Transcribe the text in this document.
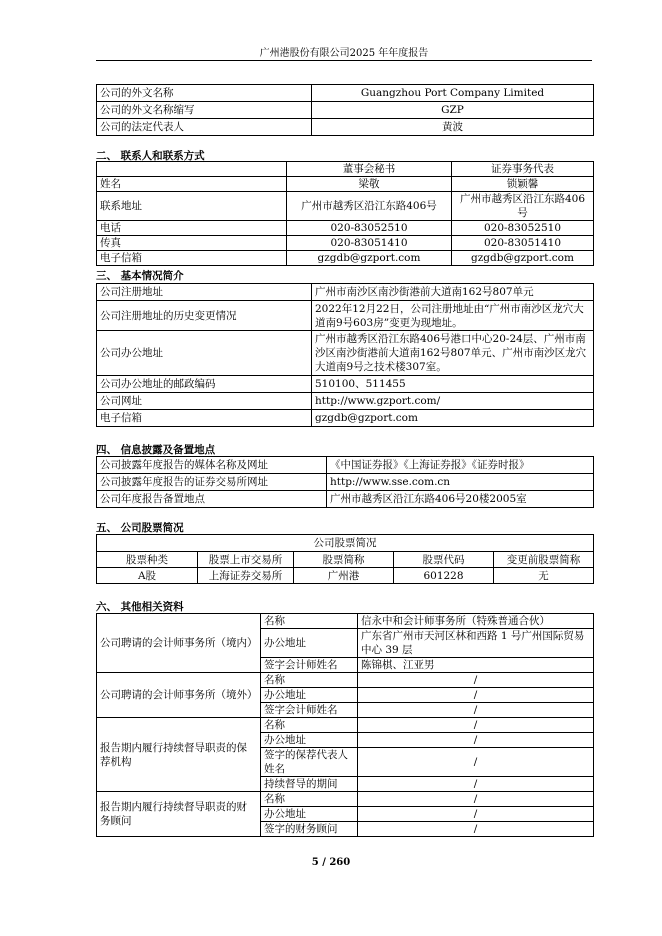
广州港股份有限公司2025 年年度报告
公司的外文名称	Guangzhou Port Company Limited
公司的外文名称缩写	GZP
公司的法定代表人	黄波
二、 联系人和联系方式
	董事会秘书	证券事务代表
姓名	梁敬	锁颖馨
联系地址	广州市越秀区沿江东路406号	广州市越秀区沿江东路406号
电话	020-83052510	020-83052510
传真	020-83051410	020-83051410
电子信箱	gzgdb@gzport.com	gzgdb@gzport.com
三、 基本情况简介
公司注册地址	广州市南沙区南沙街港前大道南162号807单元
公司注册地址的历史变更情况	2022年12月22日，公司注册地址由“广州市南沙区龙穴大道南9号603房”变更为现地址。
公司办公地址	广州市越秀区沿江东路406号港口中心20-24层、广州市南沙区南沙街港前大道南162号807单元、广州市南沙区龙穴大道南9号之技术楼307室。
公司办公地址的邮政编码	510100、511455
公司网址	http://www.gzport.com/
电子信箱	gzgdb@gzport.com
四、 信息披露及备置地点
公司披露年度报告的媒体名称及网址	《中国证券报》《上海证券报》《证券时报》
公司披露年度报告的证券交易所网址	http://www.sse.com.cn
公司年度报告备置地点	广州市越秀区沿江东路406号20楼2005室
五、 公司股票简况
公司股票简况				
股票种类	股票上市交易所	股票简称	股票代码	变更前股票简称
A股	上海证券交易所	广州港	601228	无
六、 其他相关资料
公司聘请的会计师事务所（境内）	名称	信永中和会计师事务所（特殊普通合伙）
	办公地址	广东省广州市天河区林和西路 1 号广州国际贸易中心 39 层
	签字会计师姓名	陈锦棋、江亚男
公司聘请的会计师事务所（境外）	名称	/
	办公地址	/
	签字会计师姓名	/
报告期内履行持续督导职责的保荐机构	名称	/
	办公地址	/
	签字的保荐代表人姓名	/
	持续督导的期间	/
报告期内履行持续督导职责的财务顾问	名称	/
	办公地址	/
	签字的财务顾问	/
5 / 260
